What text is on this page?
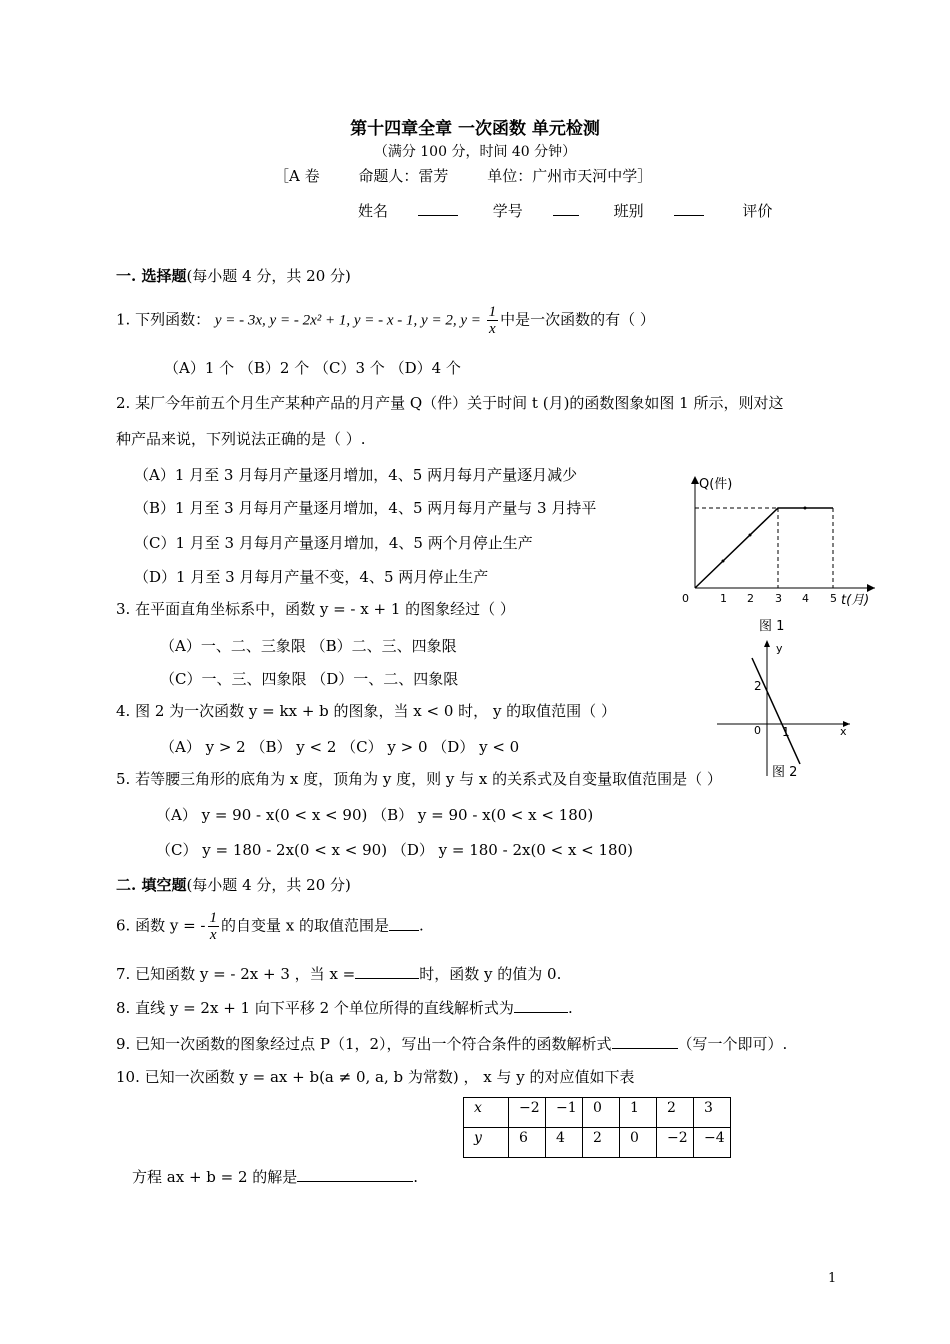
第十四章全章 一次函数 单元检测
（满分 100 分，时间 40 分钟）
［A 卷	命题人：雷芳	单位：广州市天河中学］
姓名	学号	班别	评价
一. 选择题(每小题 4 分，共 20 分)
1. 下列函数： y = - 3x, y = - 2x² + 1, y = - x - 1, y = 2, $y = \frac{1}{x}$ 中是一次函数的有（ ）
（A）1 个 （B）2 个 （C）3 个 （D）4 个
2. 某厂今年前五个月生产某种产品的月产量 Q（件）关于时间 t (月)的函数图象如图 1 所示，则对这
种产品来说，下列说法正确的是（ ）.
（A）1 月至 3 月每月产量逐月增加，4、5 两月每月产量逐月减少
（B）1 月至 3 月每月产量逐月增加，4、5 两月每月产量与 3 月持平
（C）1 月至 3 月每月产量逐月增加，4、5 两个月停止生产
（D）1 月至 3 月每月产量不变，4、5 两月停止生产
Q(件)
t(月)
0	1 2 3 4 5
图 1
3. 在平面直角坐标系中，函数 y = - x + 1 的图象经过（ ）
（A）一、二、三象限 （B）二、三、四象限
（C）一、三、四象限 （D）一、二、四象限
y
x
0
2
1
图 2
4. 图 2 为一次函数 y = kx + b 的图象，当 x < 0 时， y 的取值范围（ ）
（A） y > 2 （B） y < 2 （C） y > 0 （D） y < 0
5. 若等腰三角形的底角为 x 度，顶角为 y 度，则 y 与 x 的关系式及自变量取值范围是（ ）
（A） y = 90 - x(0 < x < 90) （B） y = 90 - x(0 < x < 180)
（C） y = 180 - 2x(0 < x < 90) （D） y = 180 - 2x(0 < x < 180)
二. 填空题(每小题 4 分，共 20 分)
6. 函数 y = - $\frac{1}{x}$ 的自变量 x 的取值范围是 .
7. 已知函数 y = - 2x + 3 ，当 x =	时，函数 y 的值为 0.
8. 直线 y = 2x + 1 向下平移 2 个单位所得的直线解析式为	.
9. 已知一次函数的图象经过点 P（1，2），写出一个符合条件的函数解析式	（写一个即可）.
10. 已知一次函数 y = ax + b(a ≠ 0, a, b 为常数) ， x 与 y 的对应值如下表
x	−2	−1	0	1	2	3
y	6	4	2	0	−2	−4
方程 ax + b = 2 的解是	.
1
